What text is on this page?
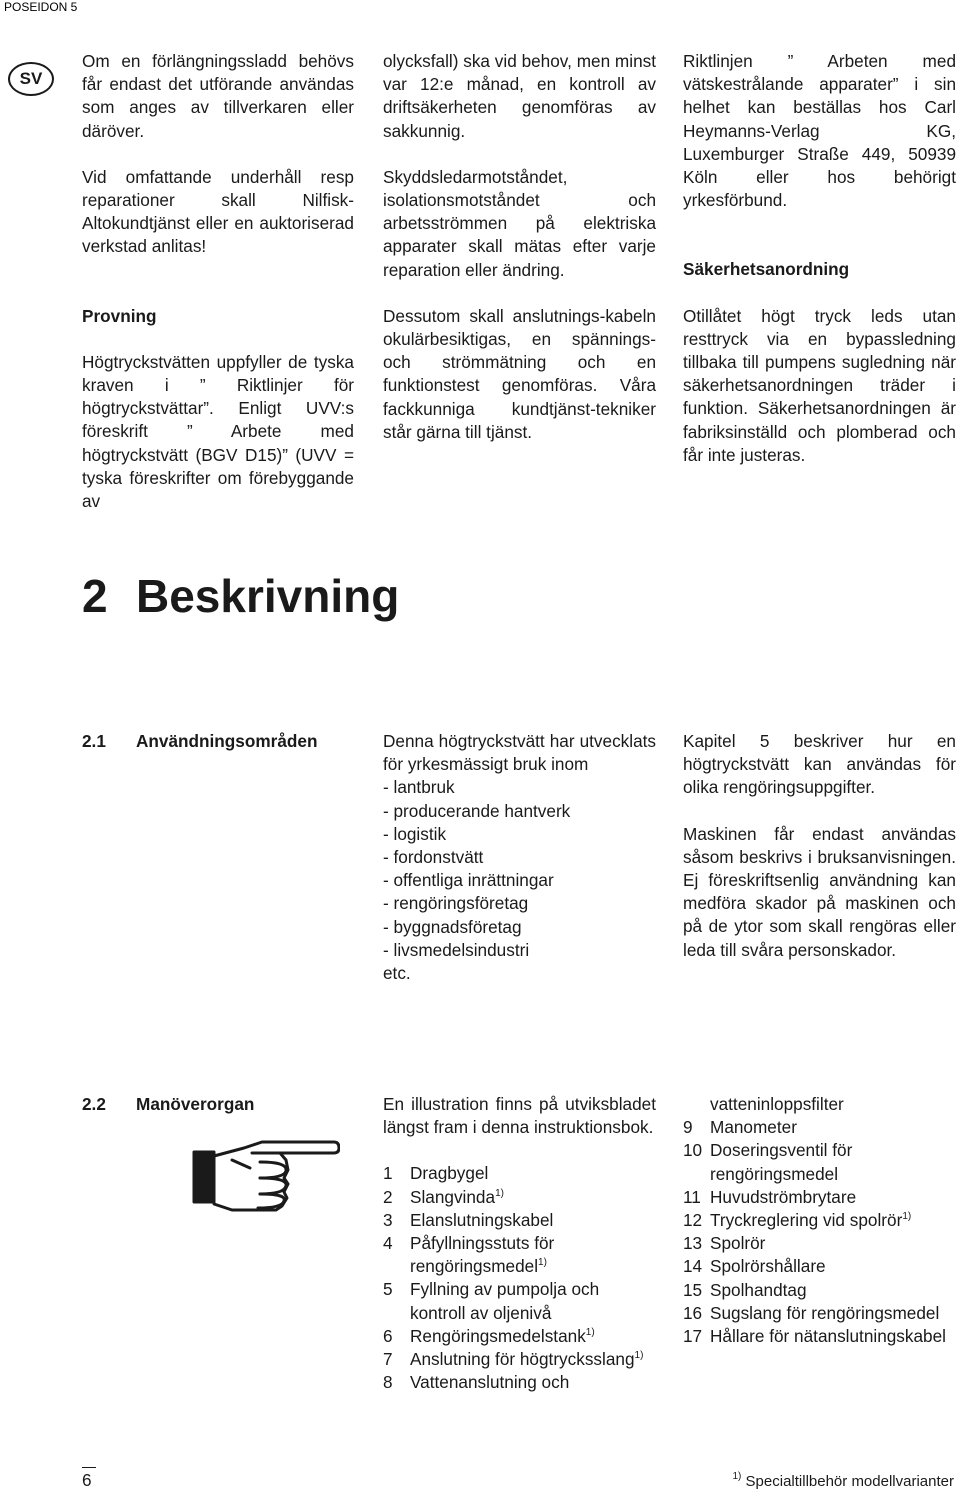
POSEIDON 5
SV

Om en förlängningssladd behövs får endast det utförande användas som anges av tillverkaren eller däröver.

Vid omfattande underhåll resp reparationer skall Nilfisk-Altokundtjänst eller en auktoriserad verkstad anlitas!

Provning

Högtryckstvätten uppfyller de tyska kraven i ” Riktlinjer för högtryckstvättar”. Enligt UVV:s föreskrift ” Arbete med högtryckstvätt (BGV D15)” (UVV = tyska föreskrifter om förebyggande av

olycksfall) ska vid behov, men minst var 12:e månad, en kontroll av driftsäkerheten genomföras av sakkunnig.

Skyddsledarmotståndet, isolationsmotståndet och arbetsströmmen på elektriska apparater skall mätas efter varje reparation eller ändring.

Dessutom skall anslutnings-kabeln okulärbesiktigas, en spännings- och strömmätning och en funktionstest genomföras. Våra fackkunniga kundtjänst-tekniker står gärna till tjänst.

Riktlinjen ” Arbeten med vätskestrålande apparater” i sin helhet kan beställas hos Carl Heymanns-Verlag KG, Luxemburger Straße 449, 50939 Köln eller hos behörigt yrkesförbund.

Säkerhetsanordning

Otillåtet högt tryck leds utan resttryck via en bypassledning tillbaka till pumpens sugledning när säkerhetsanordningen träder i funktion. Säkerhetsanordningen är fabriksinställd och plomberad och får inte justeras.

2 Beskrivning
2.1 Användningsområden	Denna högtryckstvätt har utvecklats för yrkesmässigt bruk inom

- lantbruk
- producerande hantverk
- logistik
- fordonstvätt
- offentliga inrättningar
- rengöringsföretag
- byggnadsföretag
- livsmedelsindustri
etc.

Kapitel 5 beskriver hur en högtryckstvätt kan användas för olika rengöringsuppgifter.

Maskinen får endast användas såsom beskrivs i bruksanvisningen. Ej föreskriftsenlig användning kan medföra skador på maskinen och på de ytor som skall rengöras eller leda till svåra personskador.

2.2 Manöverorgan	En illustration finns på utviksbladet längst fram i denna instruktionsbok.

1	Dragbygel
2	Slangvinda$^{1)}$
3	Elanslutningskabel
4	Påfyllningsstuts för rengöringsmedel$^{1)}$
5	Fyllning av pumpolja och kontroll av oljenivå
6	Rengöringsmedelstank$^{1)}$
7	Anslutning för högtrycksslang$^{1)}$
8	Vattenanslutning och
vatteninloppsfilter
9	Manometer
10 Doseringsventil för rengöringsmedel
11 Huvudströmbrytare
12 Tryckreglering vid spolrör$^{1)}$
13 Spolrör
14 Spolrörshållare
15 Spolhandtag
16 Sugslang för rengöringsmedel
17 Hållare för nätanslutningskabel
6	$^{1)}$ Specialtillbehör modellvarianter
